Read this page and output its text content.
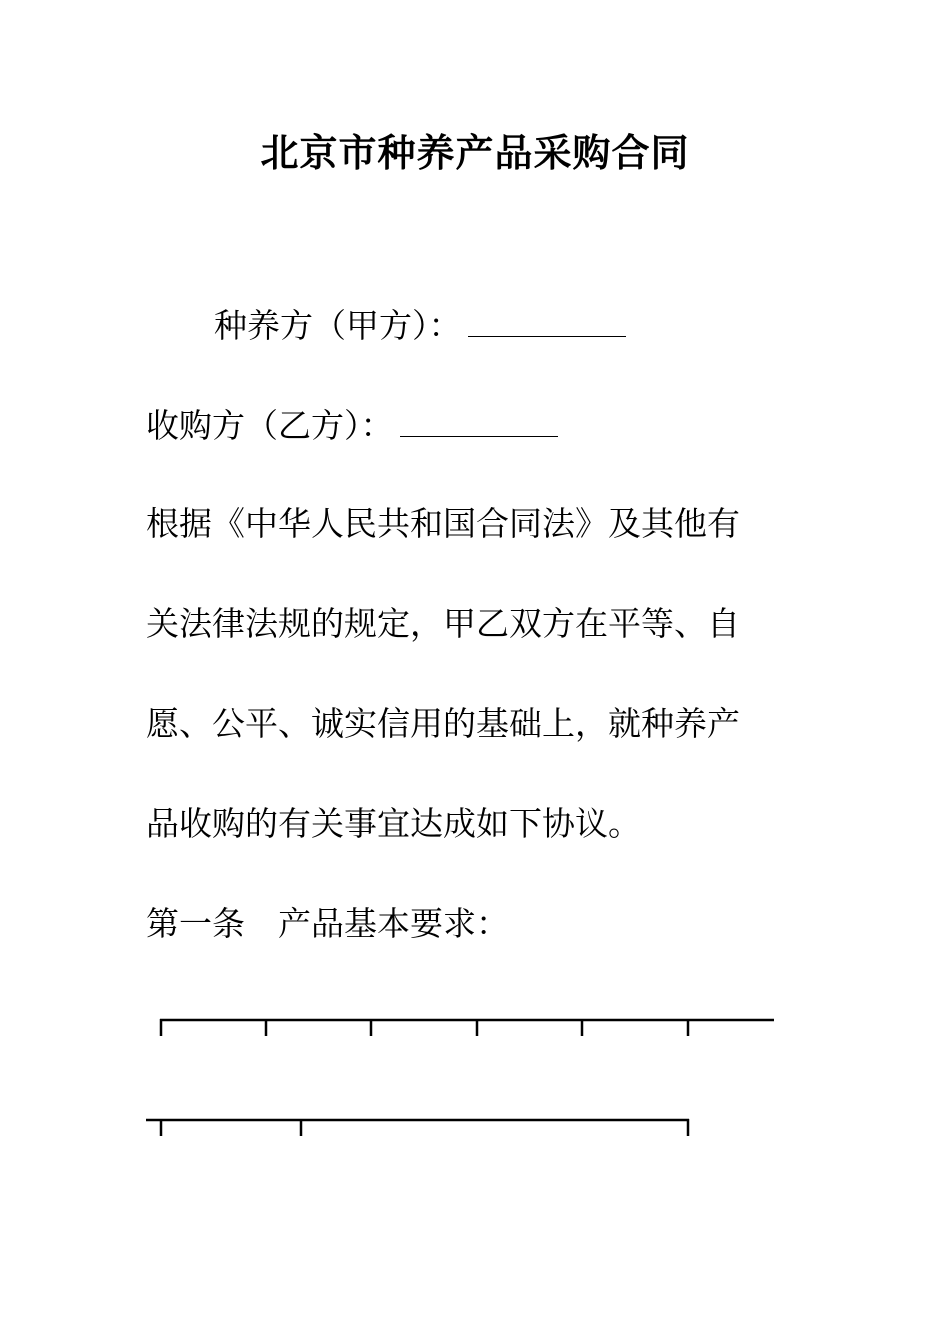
北京市种养产品采购合同
种养方（甲方）：
收购方（乙方）：
根据《中华人民共和国合同法》及其他有
关法律法规的规定，甲乙双方在平等、自
愿、公平、诚实信用的基础上，就种养产
品收购的有关事宜达成如下协议。
第一条　产品基本要求：
